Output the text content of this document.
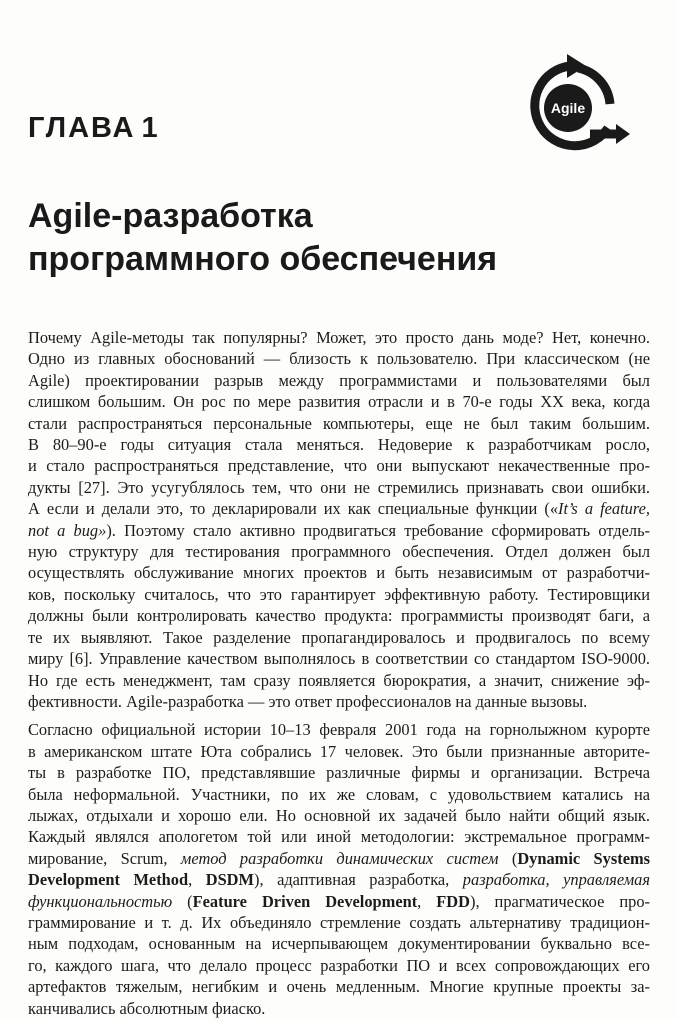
ГЛАВА 1
Agile
Agile-разработка
программного обеспечения

Почему Agile-методы так популярны? Может, это просто дань моде? Нет, конечно.
Одно из главных обоснований — близость к пользователю. При классическом (не
Agile) проектировании разрыв между программистами и пользователями был
слишком большим. Он рос по мере развития отрасли и в 70-е годы XX века, когда
стали распространяться персональные компьютеры, еще не был таким большим.
В 80–90-е годы ситуация стала меняться. Недоверие к разработчикам росло,
и стало распространяться представление, что они выпускают некачественные про-
дукты [27]. Это усугублялось тем, что они не стремились признавать свои ошибки.
А если и делали это, то декларировали их как специальные функции («It’s a feature,
not a bug»). Поэтому стало активно продвигаться требование сформировать отдель-
ную структуру для тестирования программного обеспечения. Отдел должен был
осуществлять обслуживание многих проектов и быть независимым от разработчи-
ков, поскольку считалось, что это гарантирует эффективную работу. Тестировщики
должны были контролировать качество продукта: программисты производят баги, а
те их выявляют. Такое разделение пропагандировалось и продвигалось по всему
миру [6]. Управление качеством выполнялось в соответствии со стандартом ISO-9000.
Но где есть менеджмент, там сразу появляется бюрократия, а значит, снижение эф-
фективности. Agile-разработка — это ответ профессионалов на данные вызовы.

Согласно официальной истории 10–13 февраля 2001 года на горнолыжном курорте
в американском штате Юта собрались 17 человек. Это были признанные авторите-
ты в разработке ПО, представлявшие различные фирмы и организации. Встреча
была неформальной. Участники, по их же словам, с удовольствием катались на
лыжах, отдыхали и хорошо ели. Но основной их задачей было найти общий язык.
Каждый являлся апологетом той или иной методологии: экстремальное программ-
мирование, Scrum, метод разработки динамических систем (Dynamic Systems
Development Method, DSDM), адаптивная разработка, разработка, управляемая
функциональностью (Feature Driven Development, FDD), прагматическое про-
граммирование и т. д. Их объединяло стремление создать альтернативу традицион-
ным подходам, основанным на исчерпывающем документировании буквально все-
го, каждого шага, что делало процесс разработки ПО и всех сопровождающих его
артефактов тяжелым, негибким и очень медленным. Многие крупные проекты за-
канчивались абсолютным фиаско.
